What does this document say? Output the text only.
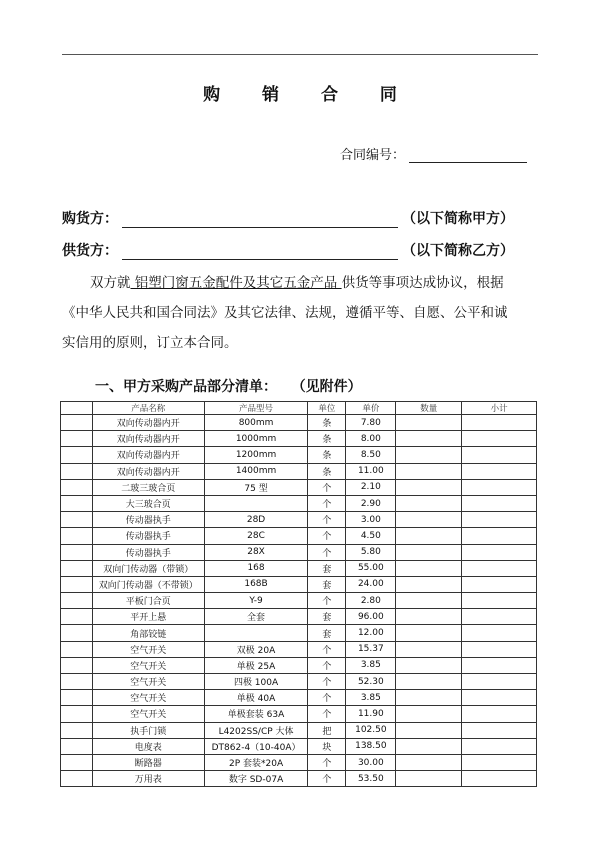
购 销 合 同
合同编号：
购货方：	（以下简称甲方）
供货方：	（以下简称乙方）
双方就 铝塑门窗五金配件及其它五金产品 供货等事项达成协议，根据
《中华人民共和国合同法》及其它法律、法规，遵循平等、自愿、公平和诚
实信用的原则，订立本合同。
一、甲方采购产品部分清单：   （见附件）
	产品名称	产品型号	单位	单价	数量	小计
	双向传动器内开	800mm	条	7.80		
	双向传动器内开	1000mm	条	8.00		
	双向传动器内开	1200mm	条	8.50		
	双向传动器内开	1400mm	条	11.00		
	二玻三玻合页	75 型	个	2.10		
	大三玻合页		个	2.90		
	传动器执手	28D	个	3.00		
	传动器执手	28C	个	4.50		
	传动器执手	28X	个	5.80		
	双向门传动器（带锁）	168	套	55.00		
	双向门传动器（不带锁）	168B	套	24.00		
	平板门合页	Y-9	个	2.80		
	平开上悬	全套	套	96.00		
	角部铰链		套	12.00		
	空气开关	双极 20A	个	15.37		
	空气开关	单极 25A	个	3.85		
	空气开关	四极 100A	个	52.30		
	空气开关	单极 40A	个	3.85		
	空气开关	单极套装 63A	个	11.90		
	执手门锁	L4202SS/CP 大体	把	102.50		
	电度表	DT862-4（10-40A）	块	138.50		
	断路器	2P 套装*20A	个	30.00		
	万用表	数字 SD-07A	个	53.50		
